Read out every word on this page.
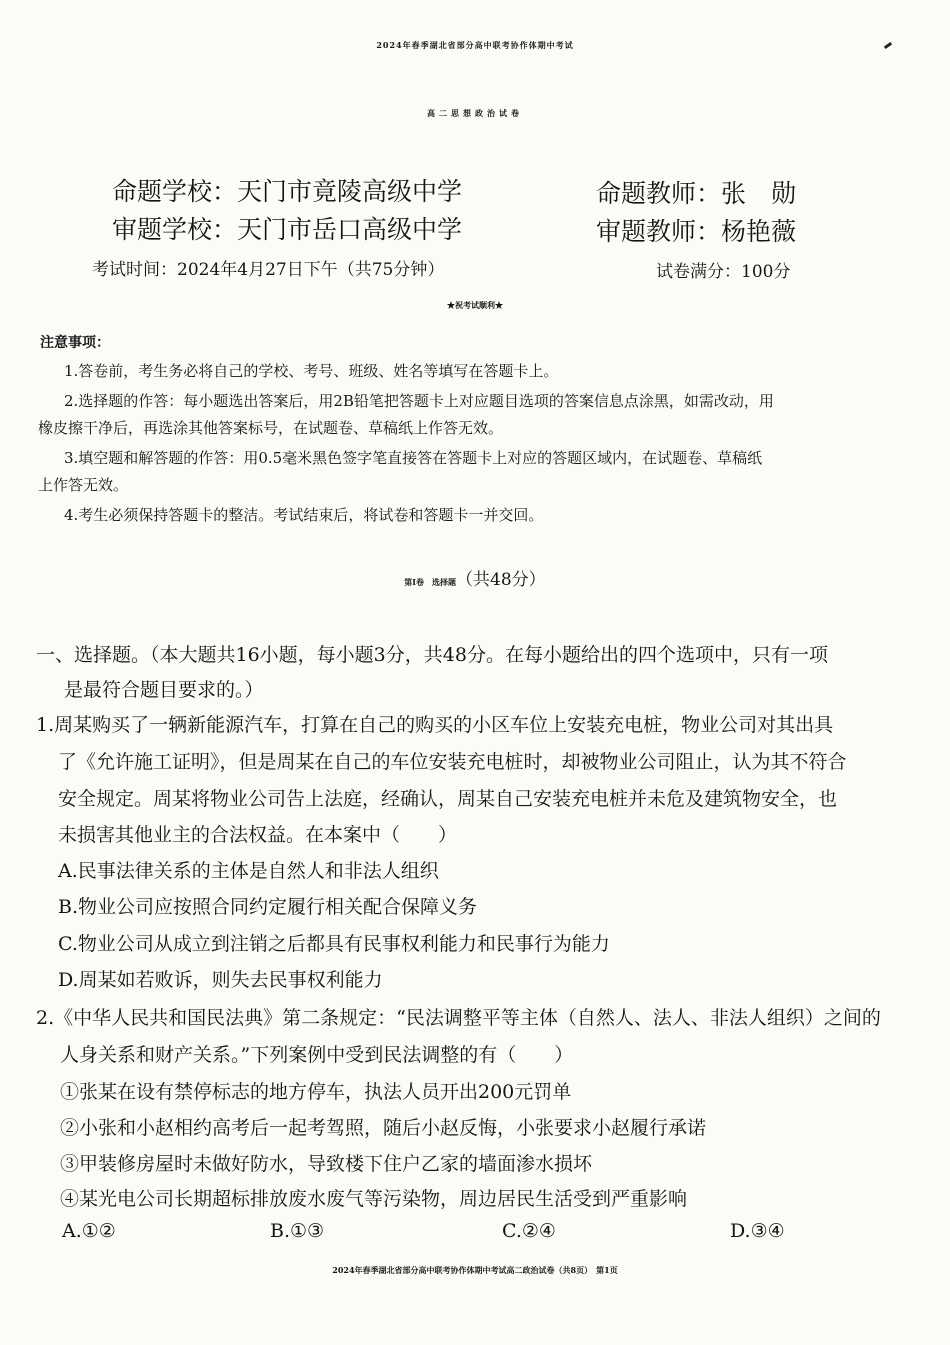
2024年春季湖北省部分高中联考协作体期中考试
高二思想政治试卷
命题学校：天门市竟陵高级中学	命题教师：张　勋
审题学校：天门市岳口高级中学	审题教师：杨艳薇
考试时间：2024年4月27日下午（共75分钟）	试卷满分：100分
★祝考试顺利★
注意事项：
1.答卷前，考生务必将自己的学校、考号、班级、姓名等填写在答题卡上。
2.选择题的作答：每小题选出答案后，用2B铅笔把答题卡上对应题目选项的答案信息点涂黑，如需改动，用
橡皮擦干净后，再选涂其他答案标号，在试题卷、草稿纸上作答无效。
3.填空题和解答题的作答：用0.5毫米黑色签字笔直接答在答题卡上对应的答题区域内，在试题卷、草稿纸
上作答无效。
4.考生必须保持答题卡的整洁。考试结束后，将试卷和答题卡一并交回。
第Ⅰ卷　选择题（共48分）
一、选择题。（本大题共16小题，每小题3分，共48分。在每小题给出的四个选项中，只有一项
是最符合题目要求的。）
1.周某购买了一辆新能源汽车，打算在自己的购买的小区车位上安装充电桩，物业公司对其出具
了《允许施工证明》，但是周某在自己的车位安装充电桩时，却被物业公司阻止，认为其不符合
安全规定。周某将物业公司告上法庭，经确认，周某自己安装充电桩并未危及建筑物安全，也
未损害其他业主的合法权益。在本案中（　　）
A.民事法律关系的主体是自然人和非法人组织
B.物业公司应按照合同约定履行相关配合保障义务
C.物业公司从成立到注销之后都具有民事权利能力和民事行为能力
D.周某如若败诉，则失去民事权利能力
2.《中华人民共和国民法典》第二条规定：“民法调整平等主体（自然人、法人、非法人组织）之间的
人身关系和财产关系。”下列案例中受到民法调整的有（　　）
①张某在设有禁停标志的地方停车，执法人员开出200元罚单
②小张和小赵相约高考后一起考驾照，随后小赵反悔，小张要求小赵履行承诺
③甲装修房屋时未做好防水，导致楼下住户乙家的墙面渗水损坏
④某光电公司长期超标排放废水废气等污染物，周边居民生活受到严重影响
A.①②	B.①③	C.②④	D.③④
2024年春季湖北省部分高中联考协作体期中考试高二政治试卷（共8页）　第1页
